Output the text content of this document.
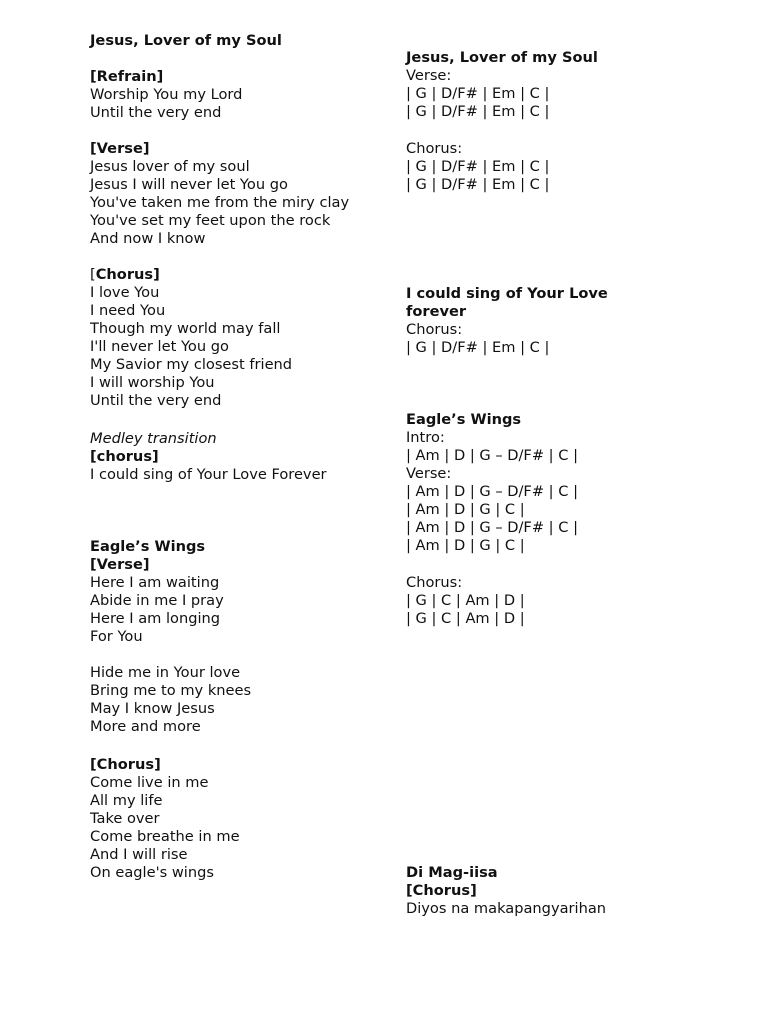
Jesus, Lover of my Soul
[Refrain]
Worship You my Lord
Until the very end
[Verse]
Jesus lover of my soul
Jesus I will never let You go
You've taken me from the miry clay
You've set my feet upon the rock
And now I know
[Chorus]
I love You
I need You
Though my world may fall
I'll never let You go
My Savior my closest friend
I will worship You
Until the very end
Medley transition
[chorus]
I could sing of Your Love Forever
Eagle’s Wings
[Verse]
Here I am waiting
Abide in me I pray
Here I am longing
For You
Hide me in Your love
Bring me to my knees
May I know Jesus
More and more
[Chorus]
Come live in me
All my life
Take over
Come breathe in me
And I will rise
On eagle's wings
Jesus, Lover of my Soul
Verse:
| G | D/F# | Em | C |
| G | D/F# | Em | C |
Chorus:
| G | D/F# | Em | C |
| G | D/F# | Em | C |
I could sing of Your Love
forever
Chorus:
| G | D/F# | Em | C |
Eagle’s Wings
Intro:
| Am | D | G – D/F# | C |
Verse:
| Am | D | G – D/F# | C |
| Am | D | G | C |
| Am | D | G – D/F# | C |
| Am | D | G | C |
Chorus:
| G | C | Am | D |
| G | C | Am | D |
Di Mag-iisa
[Chorus]
Diyos na makapangyarihan
